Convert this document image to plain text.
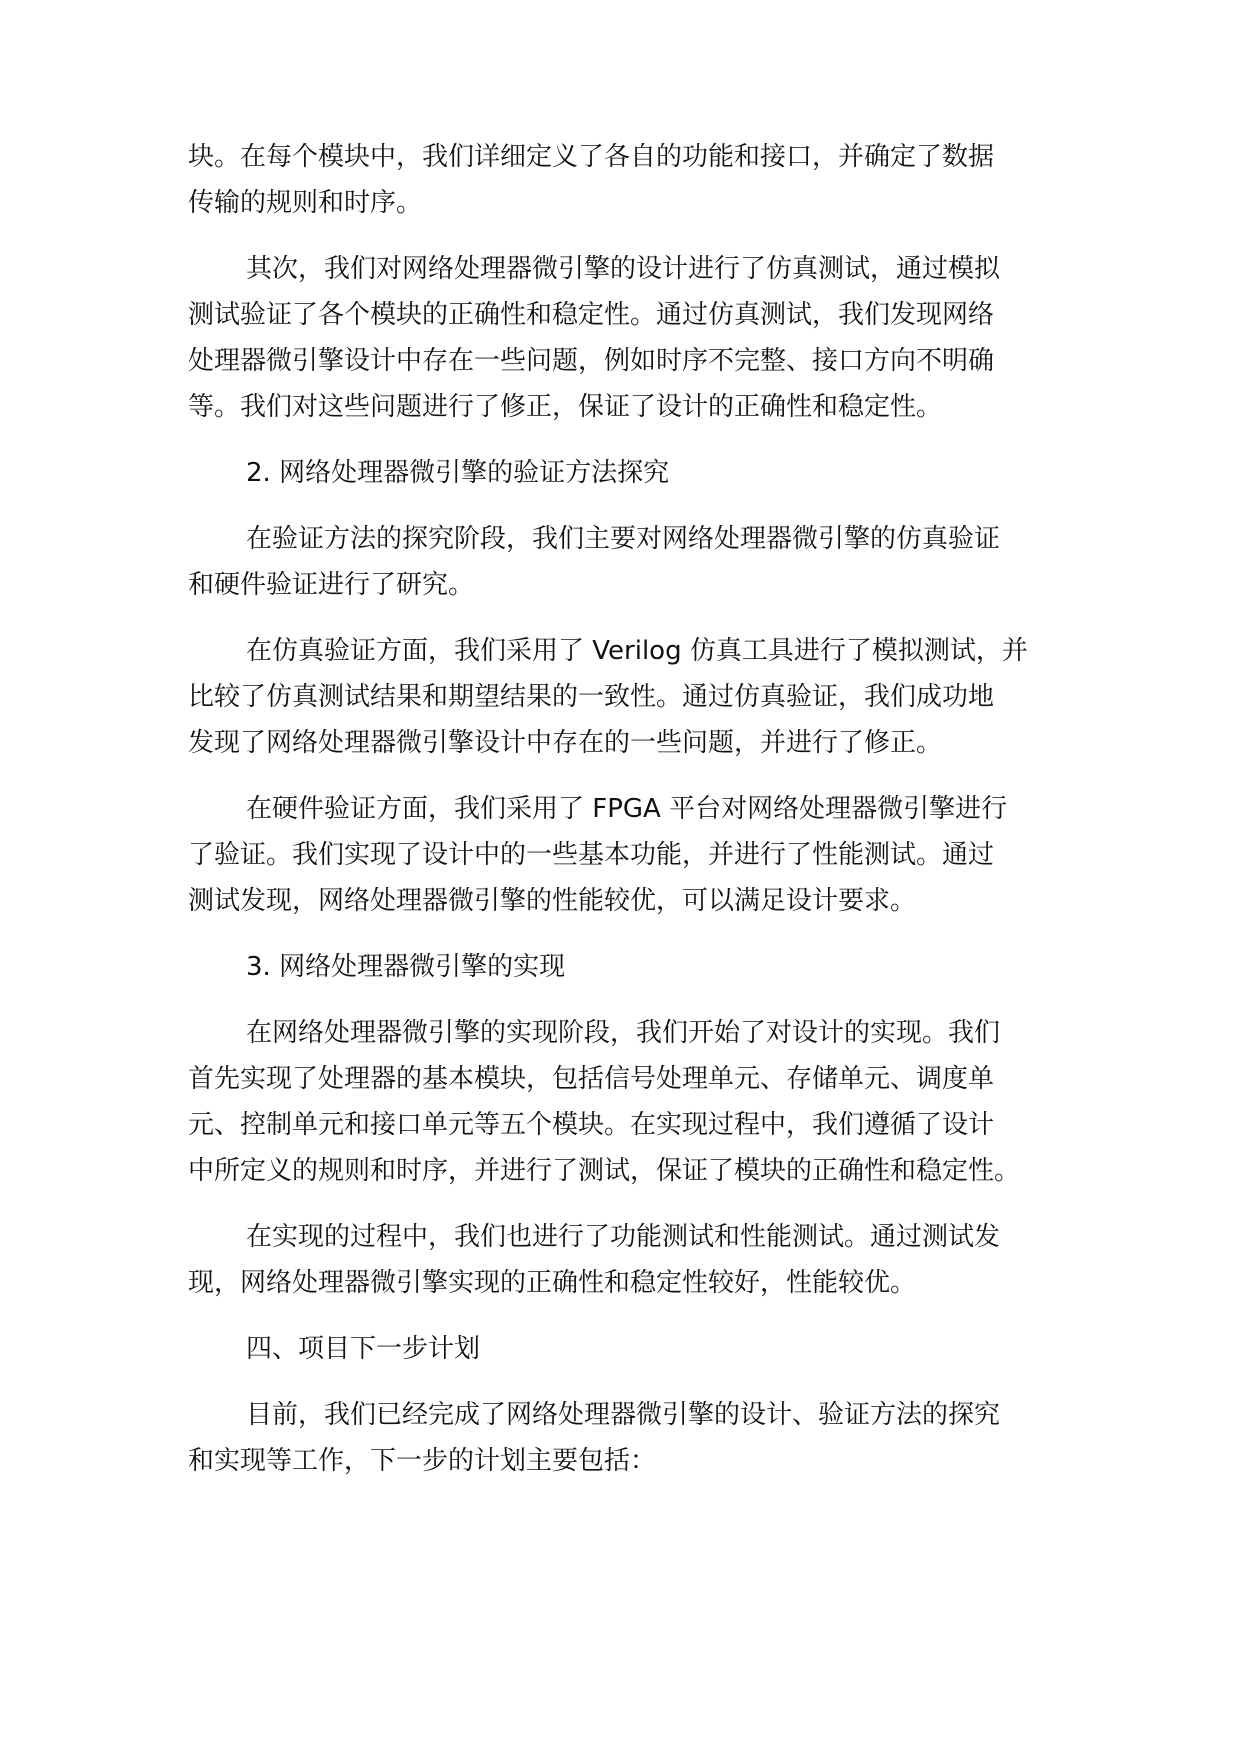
块。在每个模块中，我们详细定义了各自的功能和接口，并确定了数据
传输的规则和时序。
其次，我们对网络处理器微引擎的设计进行了仿真测试，通过模拟
测试验证了各个模块的正确性和稳定性。通过仿真测试，我们发现网络
处理器微引擎设计中存在一些问题，例如时序不完整、接口方向不明确
等。我们对这些问题进行了修正，保证了设计的正确性和稳定性。
2. 网络处理器微引擎的验证方法探究
在验证方法的探究阶段，我们主要对网络处理器微引擎的仿真验证
和硬件验证进行了研究。
在仿真验证方面，我们采用了 Verilog 仿真工具进行了模拟测试，并
比较了仿真测试结果和期望结果的一致性。通过仿真验证，我们成功地
发现了网络处理器微引擎设计中存在的一些问题，并进行了修正。
在硬件验证方面，我们采用了 FPGA 平台对网络处理器微引擎进行
了验证。我们实现了设计中的一些基本功能，并进行了性能测试。通过
测试发现，网络处理器微引擎的性能较优，可以满足设计要求。
3. 网络处理器微引擎的实现
在网络处理器微引擎的实现阶段，我们开始了对设计的实现。我们
首先实现了处理器的基本模块，包括信号处理单元、存储单元、调度单
元、控制单元和接口单元等五个模块。在实现过程中，我们遵循了设计
中所定义的规则和时序，并进行了测试，保证了模块的正确性和稳定性。
在实现的过程中，我们也进行了功能测试和性能测试。通过测试发
现，网络处理器微引擎实现的正确性和稳定性较好，性能较优。
四、项目下一步计划
目前，我们已经完成了网络处理器微引擎的设计、验证方法的探究
和实现等工作，下一步的计划主要包括：
